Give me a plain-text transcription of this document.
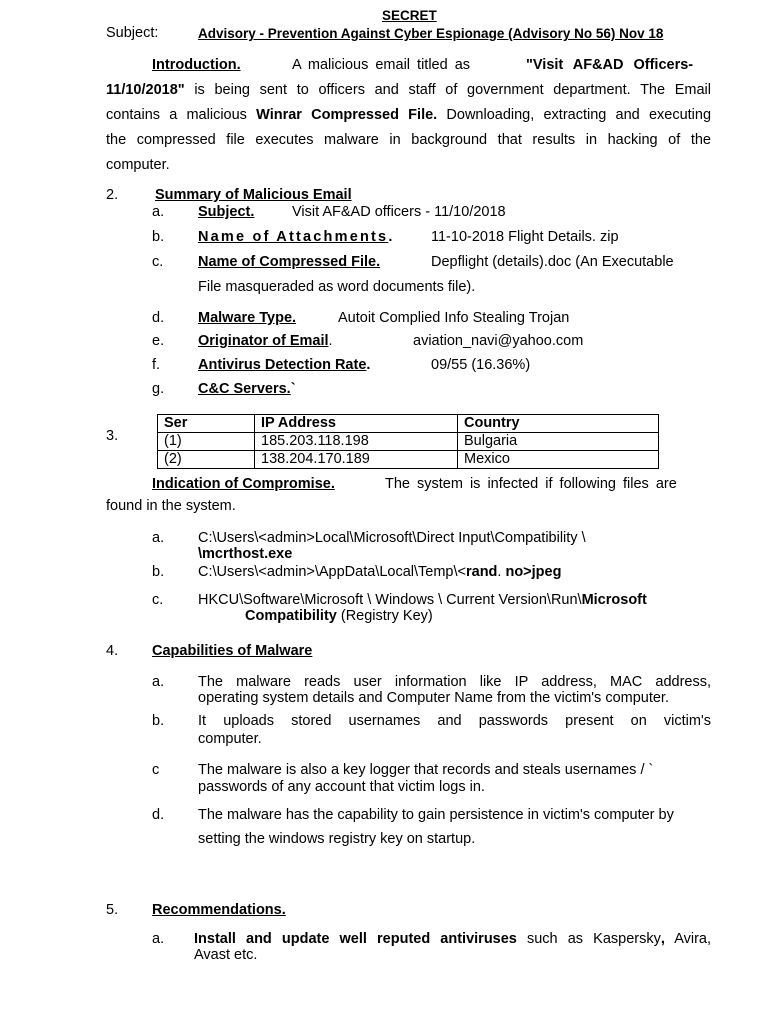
SECRET
Subject:	Advisory - Prevention Against Cyber Espionage (Advisory No 56) Nov 18
Introduction.	A malicious email titled as	"Visit AF&AD Officers-
11/10/2018" is being sent to officers and staff of government department. The Email
contains a malicious Winrar Compressed File. Downloading, extracting and executing
the compressed file executes malware in background that results in hacking of the
computer.
2.	Summary of Malicious Email
a. Subject.	Visit AF&AD officers - 11/10/2018
b. Name of Attachments.	11-10-2018 Flight Details. zip
c. Name of Compressed File.	Depflight (details).doc (An Executable
File masqueraded as word documents file).
d. Malware Type.	Autoit Complied Info Stealing Trojan
e. Originator of Email.	aviation_navi@yahoo.com
f.	Antivirus Detection Rate.	09/55 (16.36%)
g. C&C Servers.`
3.
Ser	IP Address	Country
(1)	185.203.118.198	Bulgaria
(2)	138.204.170.189	Mexico
Indication of Compromise.	The system is infected if following files are
found in the system.
a. C:\Users\<admin>Local\Microsoft\Direct Input\Compatibility \
\mcrthost.exe
b. C:\Users\<admin>\AppData\Local\Temp\<rand. no>jpeg
c. HKCU\Software\Microsoft \ Windows \ Current Version\Run\Microsoft
Compatibility (Registry Key)
4. Capabilities of Malware
a. The malware reads user information like IP address, MAC address,
operating system details and Computer Name from the victim's computer.
b. It uploads stored usernames and passwords present on victim's
computer.
c	The malware is also a key logger that records and steals usernames / `
passwords of any account that victim logs in.
d. The malware has the capability to gain persistence in victim's computer by
setting the windows registry key on startup.
5. Recommendations.
a. Install and update well reputed antiviruses such as Kaspersky, Avira,
Avast etc.
